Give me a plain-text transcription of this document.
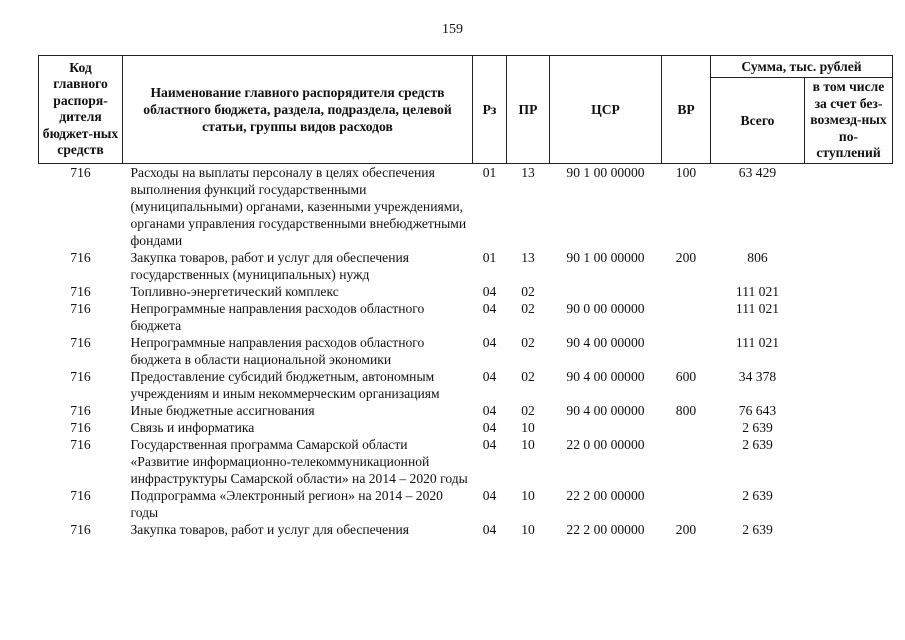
159
Код главного распоря-дителя бюджет-ных средств	Наименование главного распорядителя средств областного бюджета, раздела, подраздела, целевой статьи, группы видов расходов	Рз	ПР	ЦСР	ВР	Сумма, тыс. рублей	
						Всего	в том числе за счет без-возмезд-ных по-ступлений
716	Расходы на выплаты персоналу в целях обеспечения выполнения функций государственными (муниципальными) органами, казенными учреждениями, органами управления государственными внебюджетными фондами	01	13	90 1 00 00000	100	63 429	
716	Закупка товаров, работ и услуг для обеспечения государственных (муниципальных) нужд	01	13	90 1 00 00000	200	806	
716	Топливно-энергетический комплекс	04	02			111 021	
716	Непрограммные направления расходов областного бюджета	04	02	90 0 00 00000		111 021	
716	Непрограммные направления расходов областного бюджета в области национальной экономики	04	02	90 4 00 00000		111 021	
716	Предоставление субсидий бюджетным, автономным учреждениям и иным некоммерческим организациям	04	02	90 4 00 00000	600	34 378	
716	Иные бюджетные ассигнования	04	02	90 4 00 00000	800	76 643	
716	Связь и информатика	04	10			2 639	
716	Государственная программа Самарской области «Развитие информационно-телекоммуникационной инфраструктуры Самарской области» на 2014 – 2020 годы	04	10	22 0 00 00000		2 639	
716	Подпрограмма «Электронный регион» на 2014 – 2020 годы	04	10	22 2 00 00000		2 639	
716	Закупка товаров, работ и услуг для обеспечения	04	10	22 2 00 00000	200	2 639	
